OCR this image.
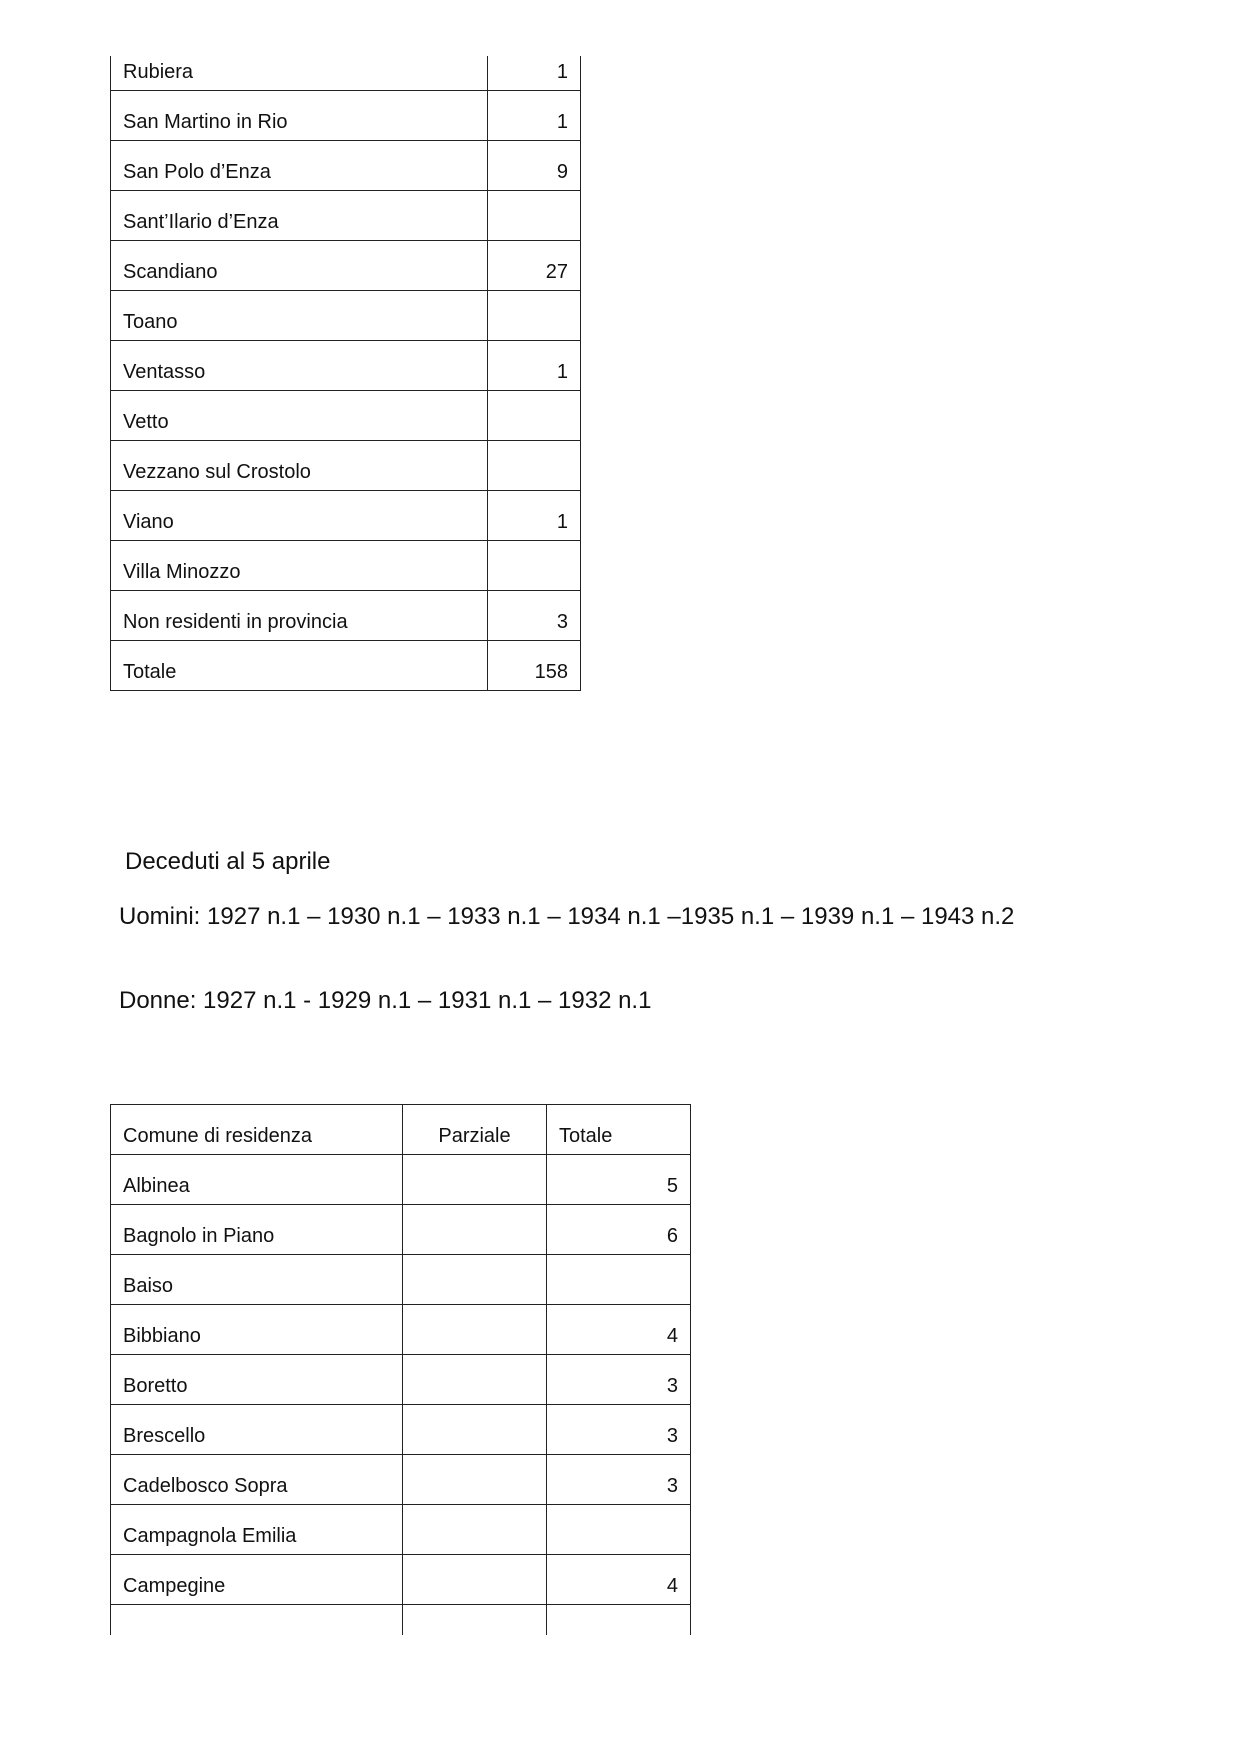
Rubiera	1
San Martino in Rio	1
San Polo d’Enza	9
Sant’Ilario d’Enza	
Scandiano	27
Toano	
Ventasso	1
Vetto	
Vezzano sul Crostolo	
Viano	1
Villa Minozzo	
Non residenti in provincia	3
Totale	158
Deceduti al 5 aprile
Uomini: 1927 n.1 – 1930 n.1 – 1933 n.1 – 1934 n.1 –1935 n.1 – 1939 n.1 – 1943 n.2
Donne: 1927 n.1 - 1929 n.1 – 1931 n.1 – 1932 n.1
Comune di residenza	Parziale	Totale
Albinea		5
Bagnolo in Piano		6
Baiso		
Bibbiano		4
Boretto		3
Brescello		3
Cadelbosco Sopra		3
Campagnola Emilia		
Campegine		4
